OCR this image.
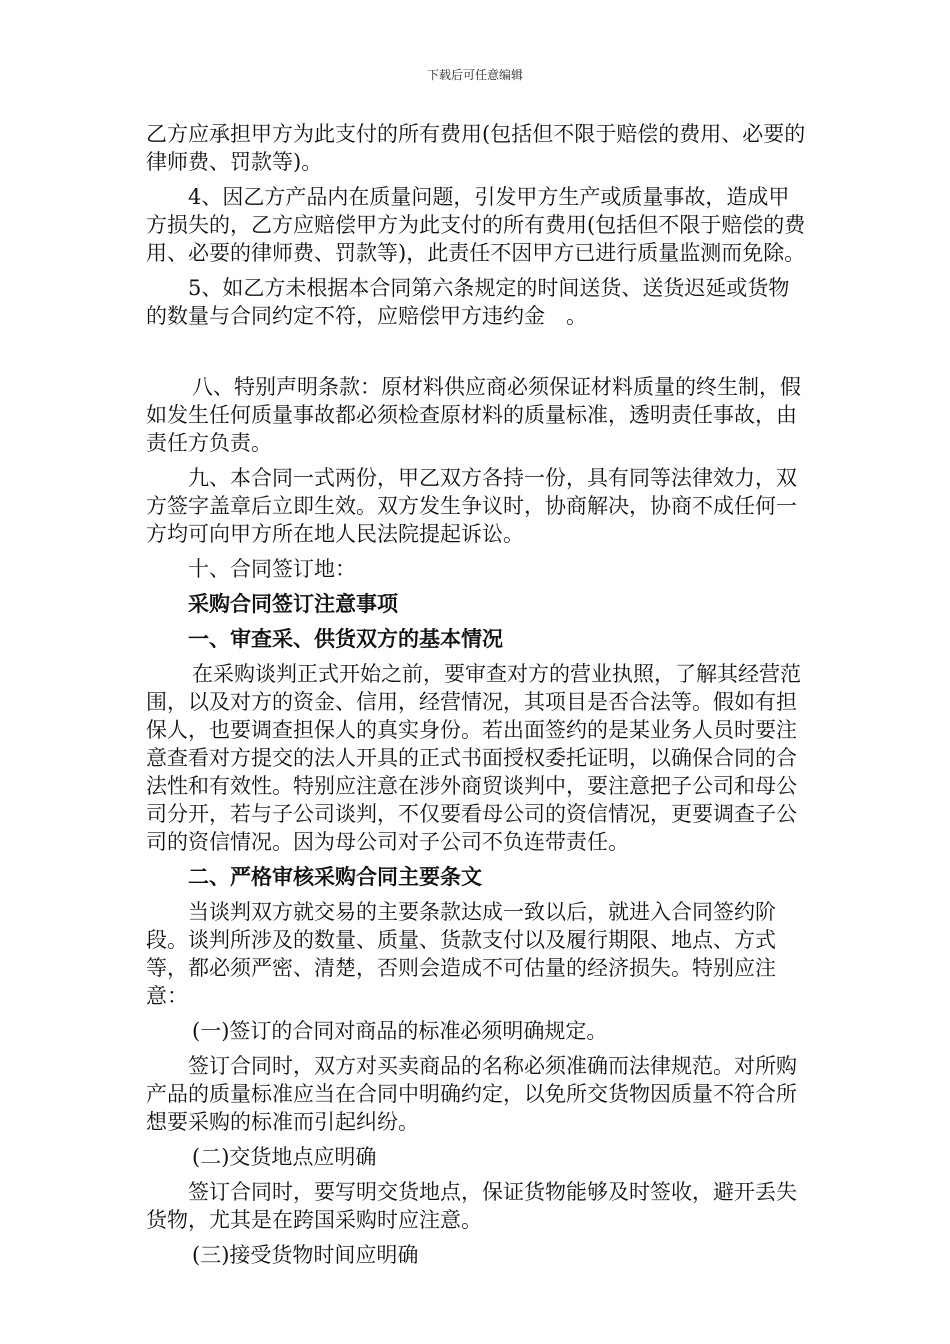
下载后可任意编辑

乙方应承担甲方为此支付的所有费用(包括但不限于赔偿的费用、必要的律师费、罚款等)。

4、因乙方产品内在质量问题，引发甲方生产或质量事故，造成甲方损失的，乙方应赔偿甲方为此支付的所有费用(包括但不限于赔偿的费用、必要的律师费、罚款等)，此责任不因甲方已进行质量监测而免除。

5、如乙方未根据本合同第六条规定的时间送货、送货迟延或货物的数量与合同约定不符，应赔偿甲方违约金　。

八、特别声明条款：原材料供应商必须保证材料质量的终生制，假如发生任何质量事故都必须检查原材料的质量标准，透明责任事故，由责任方负责。

九、本合同一式两份，甲乙双方各持一份，具有同等法律效力，双方签字盖章后立即生效。双方发生争议时，协商解决，协商不成任何一方均可向甲方所在地人民法院提起诉讼。

十、合同签订地：

采购合同签订注意事项

一、审查采、供货双方的基本情况

在采购谈判正式开始之前，要审查对方的营业执照，了解其经营范围，以及对方的资金、信用，经营情况，其项目是否合法等。假如有担保人，也要调查担保人的真实身份。若出面签约的是某业务人员时要注意查看对方提交的法人开具的正式书面授权委托证明，以确保合同的合法性和有效性。特别应注意在涉外商贸谈判中，要注意把子公司和母公司分开，若与子公司谈判，不仅要看母公司的资信情况，更要调查子公司的资信情况。因为母公司对子公司不负连带责任。

二、严格审核采购合同主要条文

当谈判双方就交易的主要条款达成一致以后，就进入合同签约阶段。谈判所涉及的数量、质量、货款支付以及履行期限、地点、方式等，都必须严密、清楚，否则会造成不可估量的经济损失。特别应注意：

(一)签订的合同对商品的标准必须明确规定。

签订合同时，双方对买卖商品的名称必须准确而法律规范。对所购产品的质量标准应当在合同中明确约定，以免所交货物因质量不符合所想要采购的标准而引起纠纷。

(二)交货地点应明确

签订合同时，要写明交货地点，保证货物能够及时签收，避开丢失货物，尤其是在跨国采购时应注意。

(三)接受货物时间应明确
